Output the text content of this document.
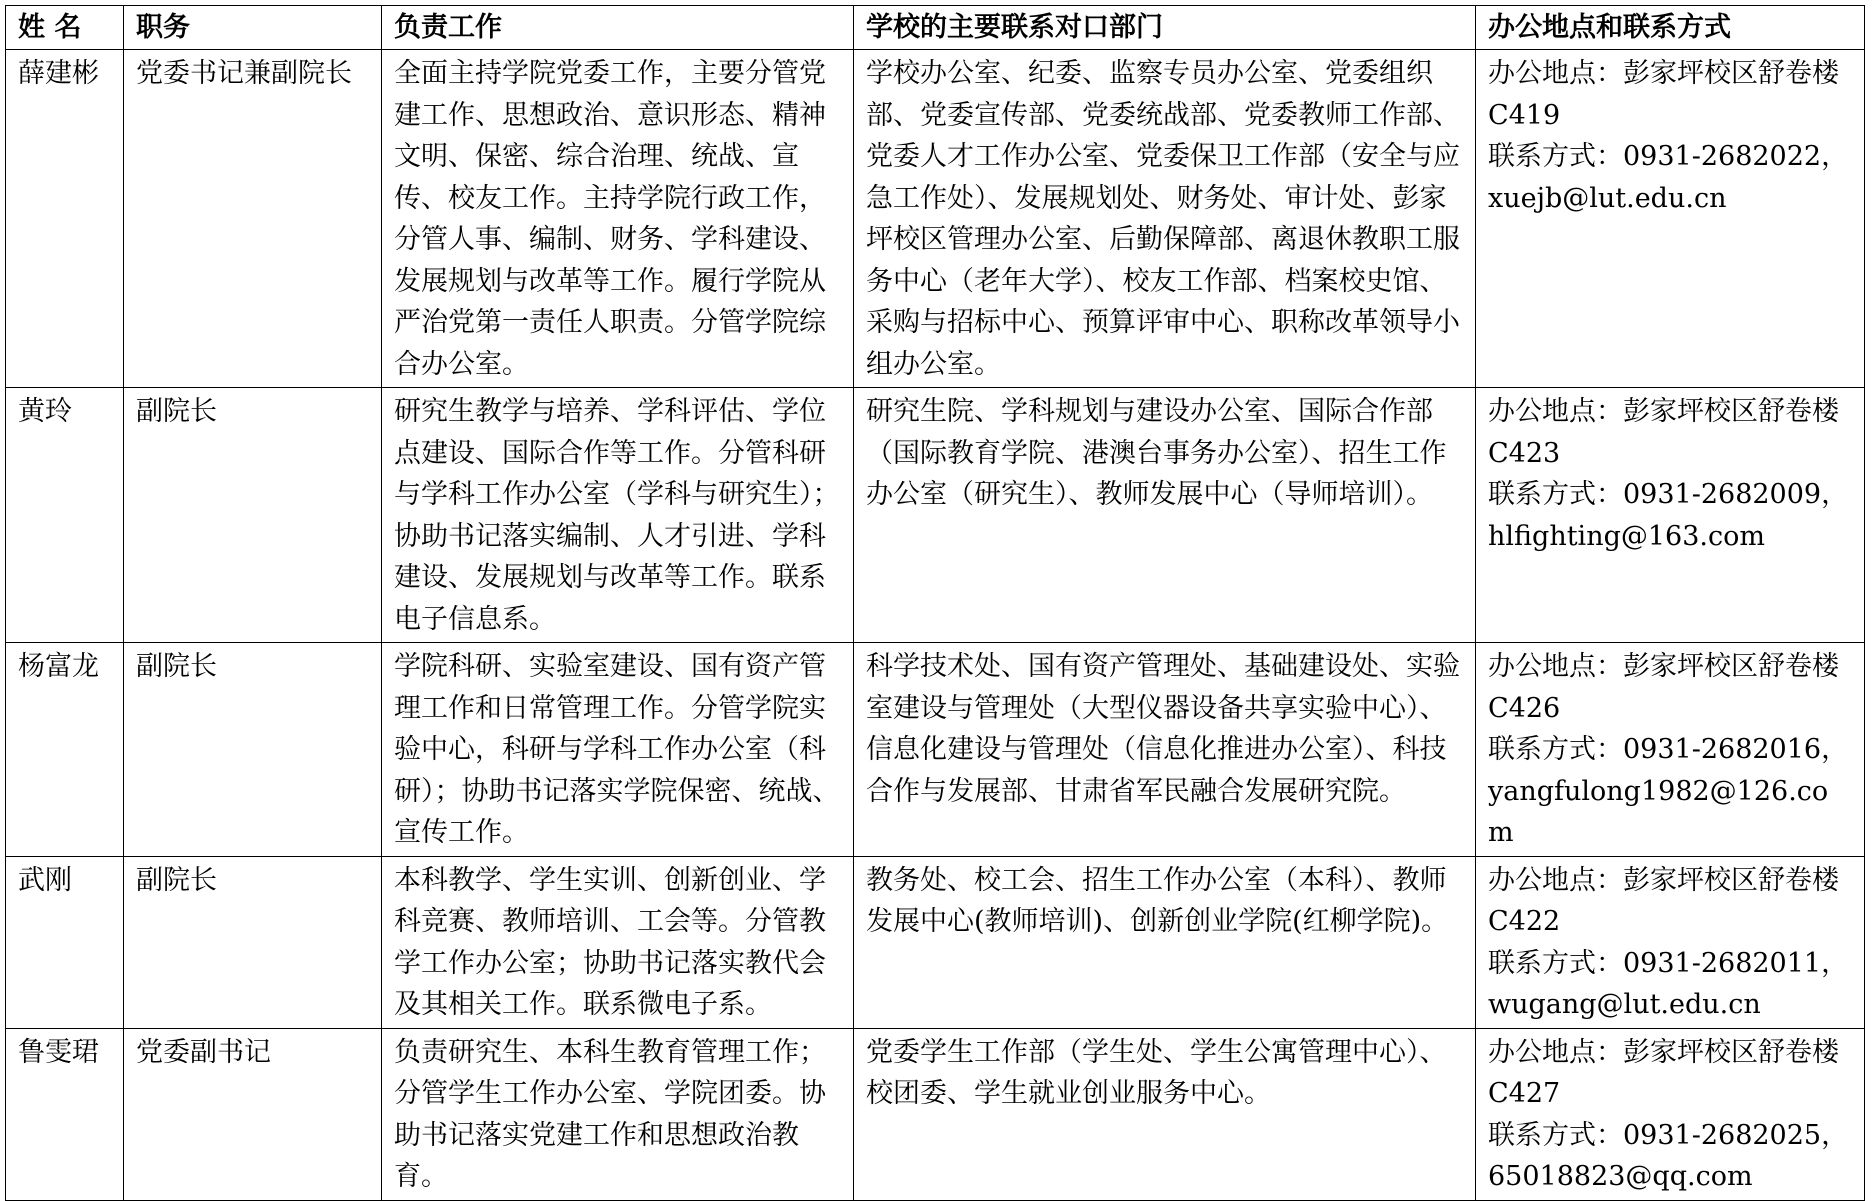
姓 名	职务	负责工作	学校的主要联系对口部门	办公地点和联系方式
薛建彬	党委书记兼副院长	全面主持学院党委工作，主要分管党建工作、思想政治、意识形态、精神文明、保密、综合治理、统战、宣传、校友工作。主持学院行政工作，分管人事、编制、财务、学科建设、发展规划与改革等工作。履行学院从严治党第一责任人职责。分管学院综合办公室。	学校办公室、纪委、监察专员办公室、党委组织部、党委宣传部、党委统战部、党委教师工作部、党委人才工作办公室、党委保卫工作部（安全与应急工作处）、发展规划处、财务处、审计处、彭家坪校区管理办公室、后勤保障部、离退休教职工服务中心（老年大学）、校友工作部、档案校史馆、采购与招标中心、预算评审中心、职称改革领导小组办公室。	办公地点：彭家坪校区舒卷楼C419
联系方式：0931-2682022，xuejb@lut.edu.cn

黄玲	副院长	研究生教学与培养、学科评估、学位点建设、国际合作等工作。分管科研与学科工作办公室（学科与研究生）；协助书记落实编制、人才引进、学科建设、发展规划与改革等工作。联系电子信息系。	研究生院、学科规划与建设办公室、国际合作部（国际教育学院、港澳台事务办公室）、招生工作办公室（研究生）、教师发展中心（导师培训）。	办公地点：彭家坪校区舒卷楼C423
联系方式：0931-2682009，hlfighting@163.com

杨富龙	副院长	学院科研、实验室建设、国有资产管理工作和日常管理工作。分管学院实验中心，科研与学科工作办公室（科研）；协助书记落实学院保密、统战、宣传工作。	科学技术处、国有资产管理处、基础建设处、实验室建设与管理处（大型仪器设备共享实验中心）、信息化建设与管理处（信息化推进办公室）、科技合作与发展部、甘肃省军民融合发展研究院。	办公地点：彭家坪校区舒卷楼C426
联系方式：0931-2682016，yangfulong1982@126.com

武刚	副院长	本科教学、学生实训、创新创业、学科竞赛、教师培训、工会等。分管教学工作办公室；协助书记落实教代会及其相关工作。联系微电子系。	教务处、校工会、招生工作办公室（本科）、教师发展中心(教师培训)、创新创业学院(红柳学院)。	办公地点：彭家坪校区舒卷楼C422
联系方式：0931-2682011，wugang@lut.edu.cn

鲁雯珺	党委副书记	负责研究生、本科生教育管理工作；分管学生工作办公室、学院团委。协助书记落实党建工作和思想政治教育。	党委学生工作部（学生处、学生公寓管理中心）、校团委、学生就业创业服务中心。	办公地点：彭家坪校区舒卷楼C427
联系方式：0931-2682025，65018823@qq.com
